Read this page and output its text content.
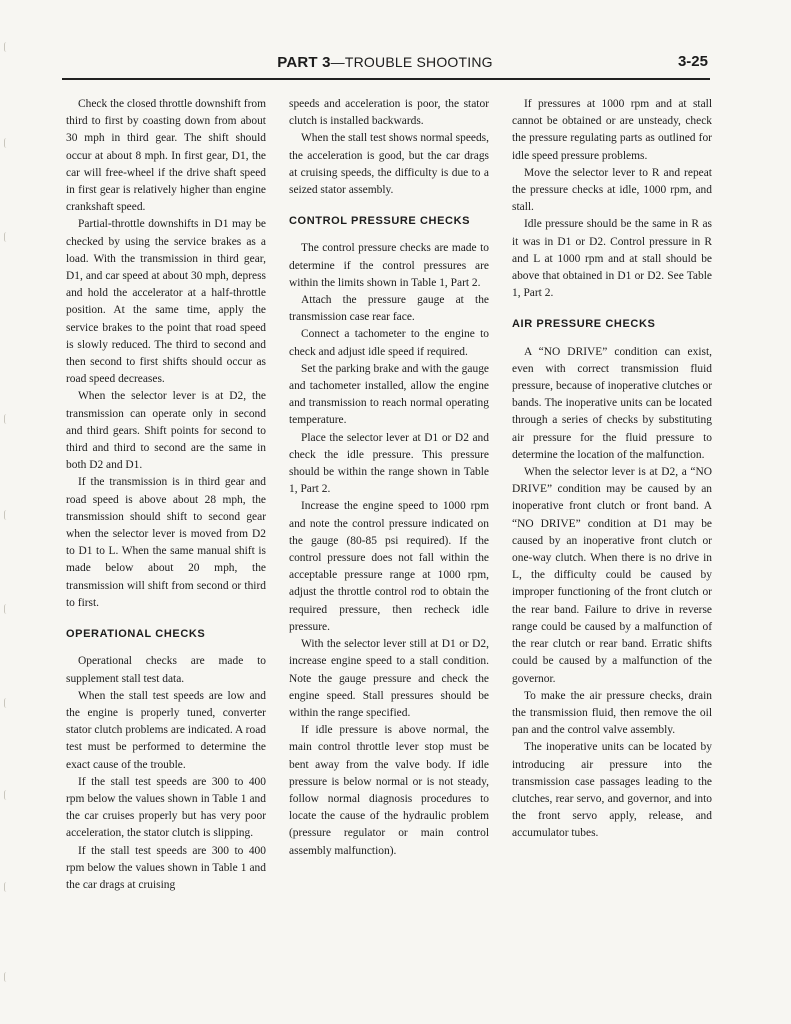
PART 3—TROUBLE SHOOTING	3-25

Check the closed throttle downshift from third to first by coasting down from about 30 mph in third gear. The shift should occur at about 8 mph. In first gear, D1, the car will free-wheel if the drive shaft speed in first gear is relatively higher than engine crankshaft speed.

Partial-throttle downshifts in D1 may be checked by using the service brakes as a load. With the transmission in third gear, D1, and car speed at about 30 mph, depress and hold the accelerator at a half-throttle position. At the same time, apply the service brakes to the point that road speed is slowly reduced. The third to second and then second to first shifts should occur as road speed decreases.

When the selector lever is at D2, the transmission can operate only in second and third gears. Shift points for second to third and third to second are the same in both D2 and D1.

If the transmission is in third gear and road speed is above about 28 mph, the transmission should shift to second gear when the selector lever is moved from D2 to D1 to L. When the same manual shift is made below about 20 mph, the transmission will shift from second or third to first.

OPERATIONAL CHECKS

Operational checks are made to supplement stall test data.

When the stall test speeds are low and the engine is properly tuned, converter stator clutch problems are indicated. A road test must be performed to determine the exact cause of the trouble.

If the stall test speeds are 300 to 400 rpm below the values shown in Table 1 and the car cruises properly but has very poor acceleration, the stator clutch is slipping.

If the stall test speeds are 300 to 400 rpm below the values shown in Table 1 and the car drags at cruising

speeds and acceleration is poor, the stator clutch is installed backwards.

When the stall test shows normal speeds, the acceleration is good, but the car drags at cruising speeds, the difficulty is due to a seized stator assembly.

CONTROL PRESSURE CHECKS

The control pressure checks are made to determine if the control pressures are within the limits shown in Table 1, Part 2.

Attach the pressure gauge at the transmission case rear face.

Connect a tachometer to the engine to check and adjust idle speed if required.

Set the parking brake and with the gauge and tachometer installed, allow the engine and transmission to reach normal operating temperature.

Place the selector lever at D1 or D2 and check the idle pressure. This pressure should be within the range shown in Table 1, Part 2.

Increase the engine speed to 1000 rpm and note the control pressure indicated on the gauge (80-85 psi required). If the control pressure does not fall within the acceptable pressure range at 1000 rpm, adjust the throttle control rod to obtain the required pressure, then recheck idle pressure.

With the selector lever still at D1 or D2, increase engine speed to a stall condition. Note the gauge pressure and check the engine speed. Stall pressures should be within the range specified.

If idle pressure is above normal, the main control throttle lever stop must be bent away from the valve body. If idle pressure is below normal or is not steady, follow normal diagnosis procedures to locate the cause of the hydraulic problem (pressure regulator or main control assembly malfunction).

If pressures at 1000 rpm and at stall cannot be obtained or are unsteady, check the pressure regulating parts as outlined for idle speed pressure problems.

Move the selector lever to R and repeat the pressure checks at idle, 1000 rpm, and stall.

Idle pressure should be the same in R as it was in D1 or D2. Control pressure in R and L at 1000 rpm and at stall should be above that obtained in D1 or D2. See Table 1, Part 2.

AIR PRESSURE CHECKS

A “NO DRIVE” condition can exist, even with correct transmission fluid pressure, because of inoperative clutches or bands. The inoperative units can be located through a series of checks by substituting air pressure for the fluid pressure to determine the location of the malfunction.

When the selector lever is at D2, a “NO DRIVE” condition may be caused by an inoperative front clutch or front band. A “NO DRIVE” condition at D1 may be caused by an inoperative front clutch or one-way clutch. When there is no drive in L, the difficulty could be caused by improper functioning of the front clutch or the rear band. Failure to drive in reverse range could be caused by a malfunction of the rear clutch or rear band. Erratic shifts could be caused by a malfunction of the governor.

To make the air pressure checks, drain the transmission fluid, then remove the oil pan and the control valve assembly.

The inoperative units can be located by introducing air pressure into the transmission case passages leading to the clutches, rear servo, and governor, and into the front servo apply, release, and accumulator tubes.
